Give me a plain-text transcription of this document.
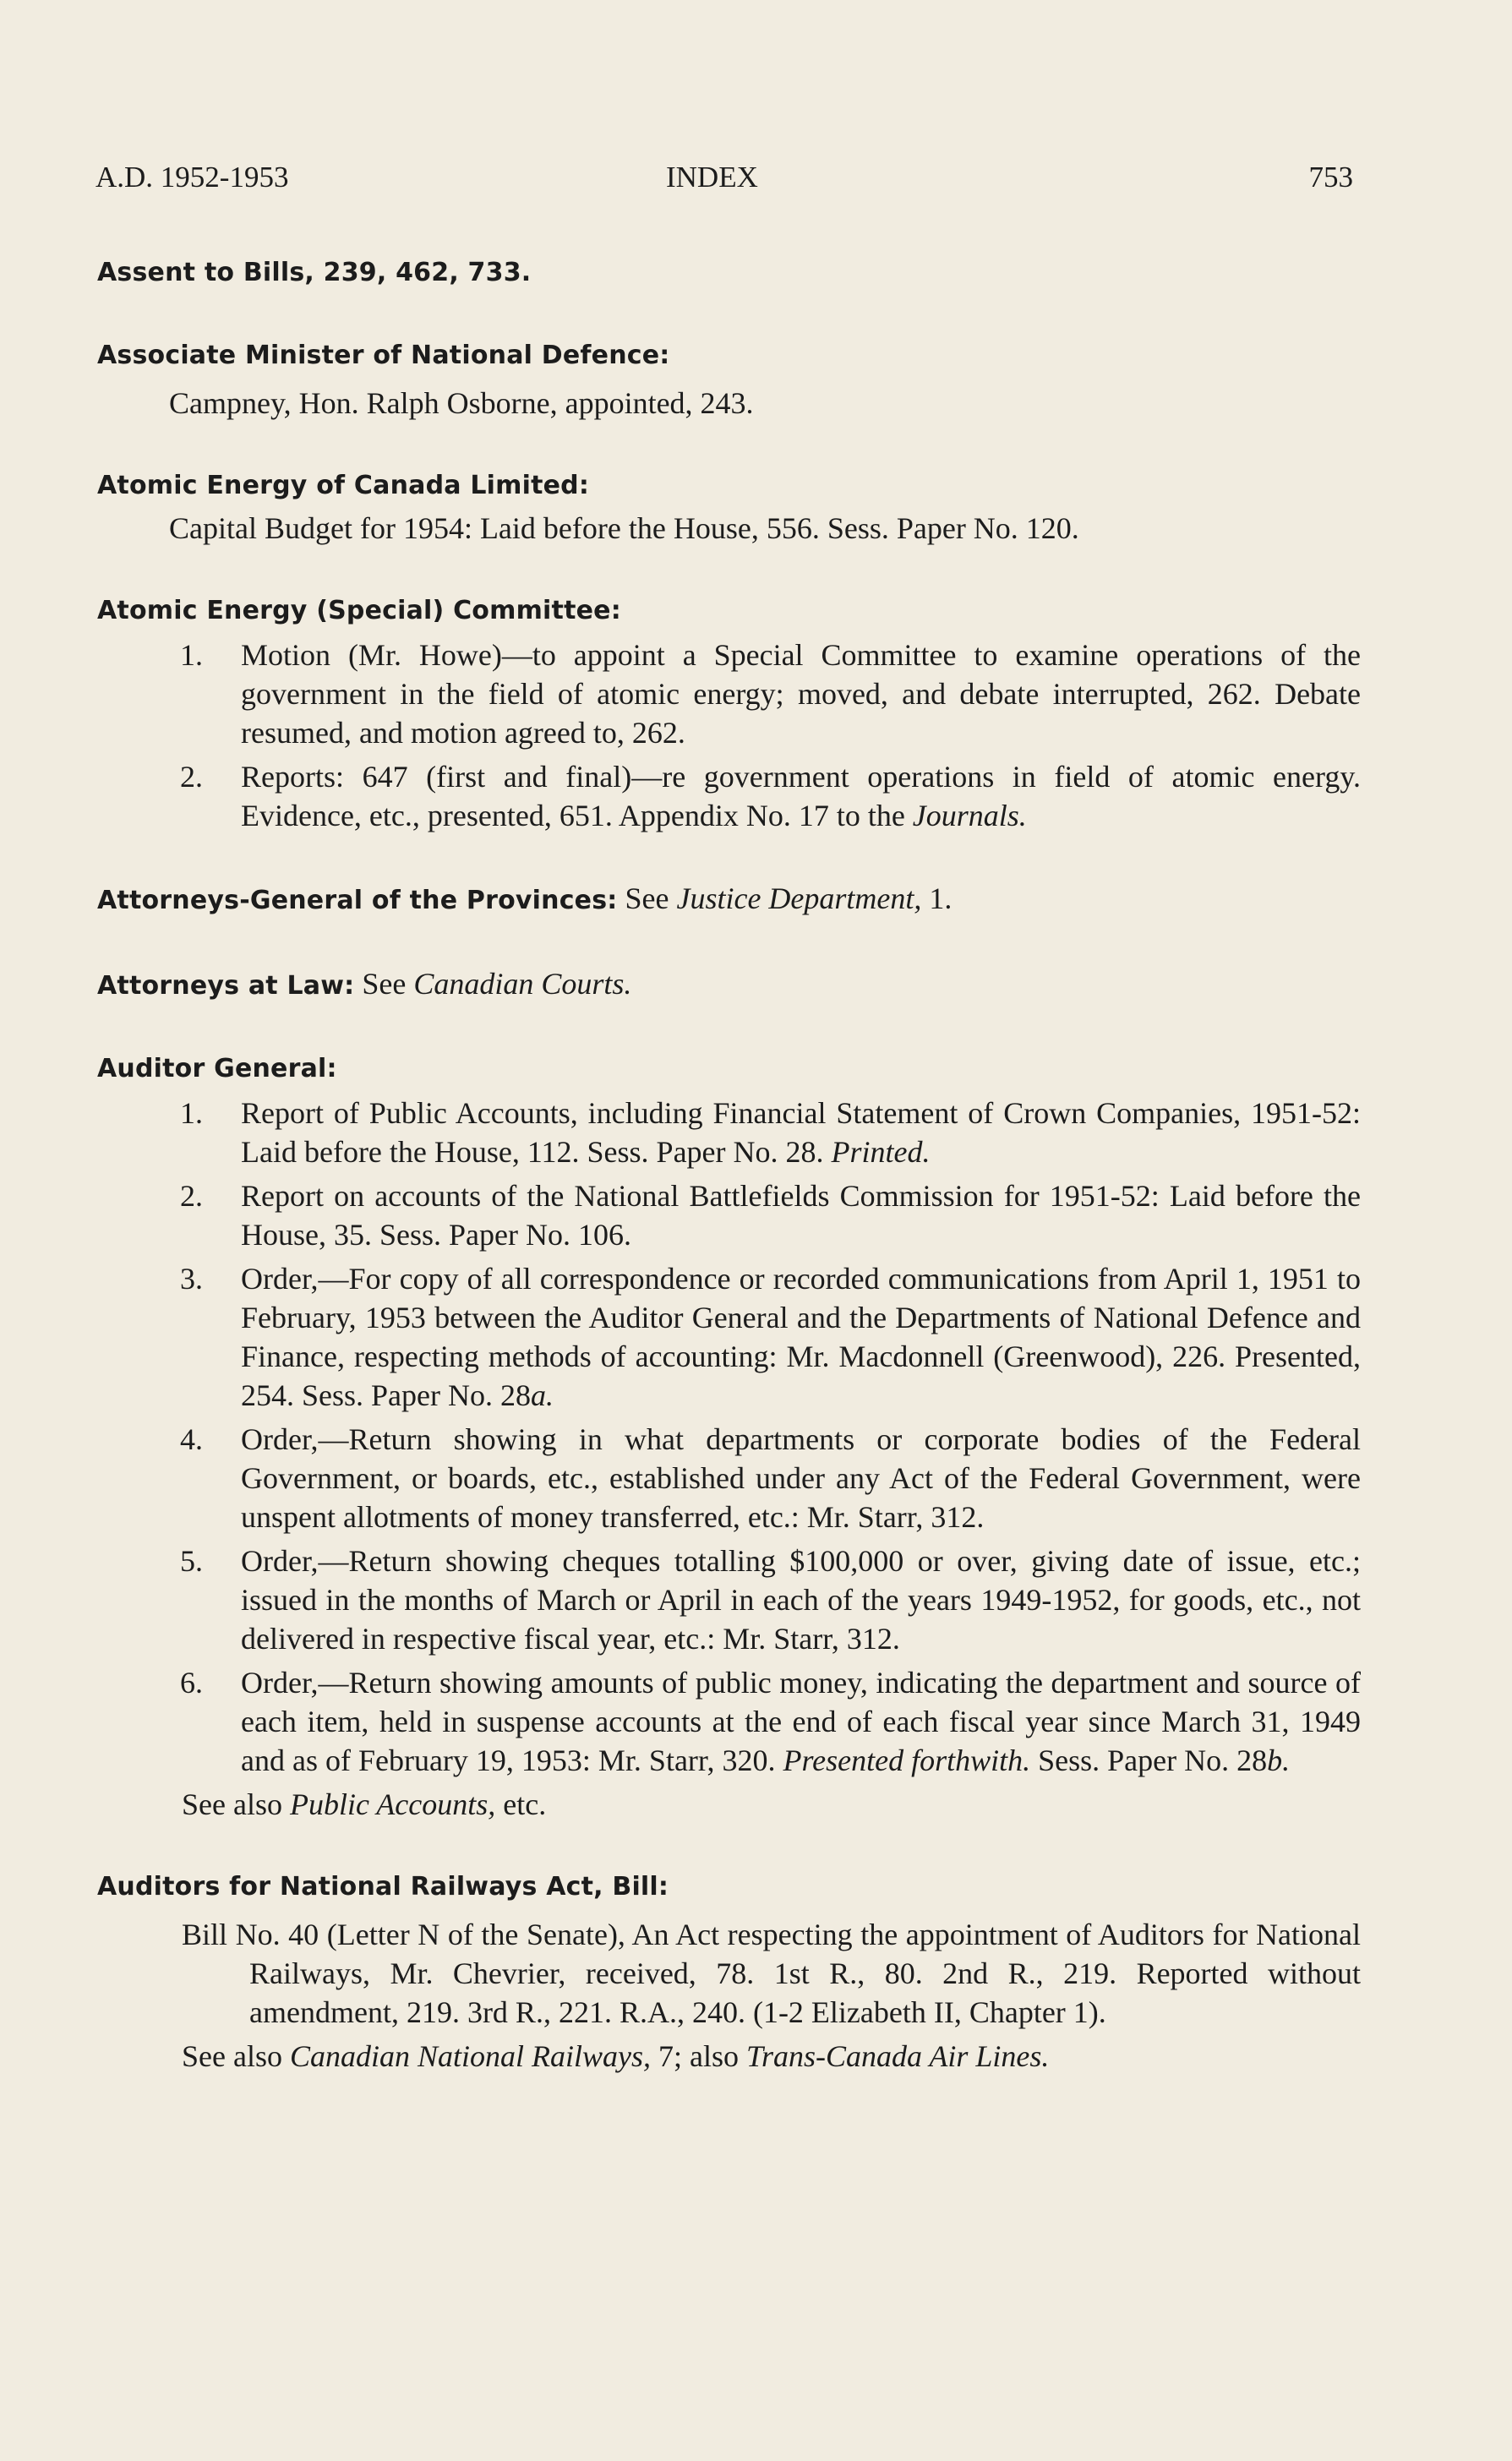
A.D. 1952-1953	INDEX	753
Assent to Bills, 239, 462, 733.
Associate Minister of National Defence:
Campney, Hon. Ralph Osborne, appointed, 243.
Atomic Energy of Canada Limited:
Capital Budget for 1954: Laid before the House, 556. Sess. Paper No. 120.
Atomic Energy (Special) Committee:
1. Motion (Mr. Howe)—to appoint a Special Committee to examine operations of the government in the field of atomic energy; moved, and debate interrupted, 262. Debate resumed, and motion agreed to, 262.
2. Reports: 647 (first and final)—re government operations in field of atomic energy. Evidence, etc., presented, 651. Appendix No. 17 to the Journals.
Attorneys-General of the Provinces: See Justice Department, 1.
Attorneys at Law: See Canadian Courts.
Auditor General:
1. Report of Public Accounts, including Financial Statement of Crown Companies, 1951-52: Laid before the House, 112. Sess. Paper No. 28. Printed.
2. Report on accounts of the National Battlefields Commission for 1951-52: Laid before the House, 35. Sess. Paper No. 106.
3. Order,—For copy of all correspondence or recorded communications from April 1, 1951 to February, 1953 between the Auditor General and the Departments of National Defence and Finance, respecting methods of accounting: Mr. Macdonnell (Greenwood), 226. Presented, 254. Sess. Paper No. 28a.
4. Order,—Return showing in what departments or corporate bodies of the Federal Government, or boards, etc., established under any Act of the Federal Government, were unspent allotments of money transferred, etc.: Mr. Starr, 312.
5. Order,—Return showing cheques totalling $100,000 or over, giving date of issue, etc.; issued in the months of March or April in each of the years 1949-1952, for goods, etc., not delivered in respective fiscal year, etc.: Mr. Starr, 312.
6. Order,—Return showing amounts of public money, indicating the department and source of each item, held in suspense accounts at the end of each fiscal year since March 31, 1949 and as of February 19, 1953: Mr. Starr, 320. Presented forthwith. Sess. Paper No. 28b.
See also Public Accounts, etc.
Auditors for National Railways Act, Bill:
Bill No. 40 (Letter N of the Senate), An Act respecting the appointment of Auditors for National Railways, Mr. Chevrier, received, 78. 1st R., 80. 2nd R., 219. Reported without amendment, 219. 3rd R., 221. R.A., 240. (1-2 Elizabeth II, Chapter 1).
See also Canadian National Railways, 7; also Trans-Canada Air Lines.
